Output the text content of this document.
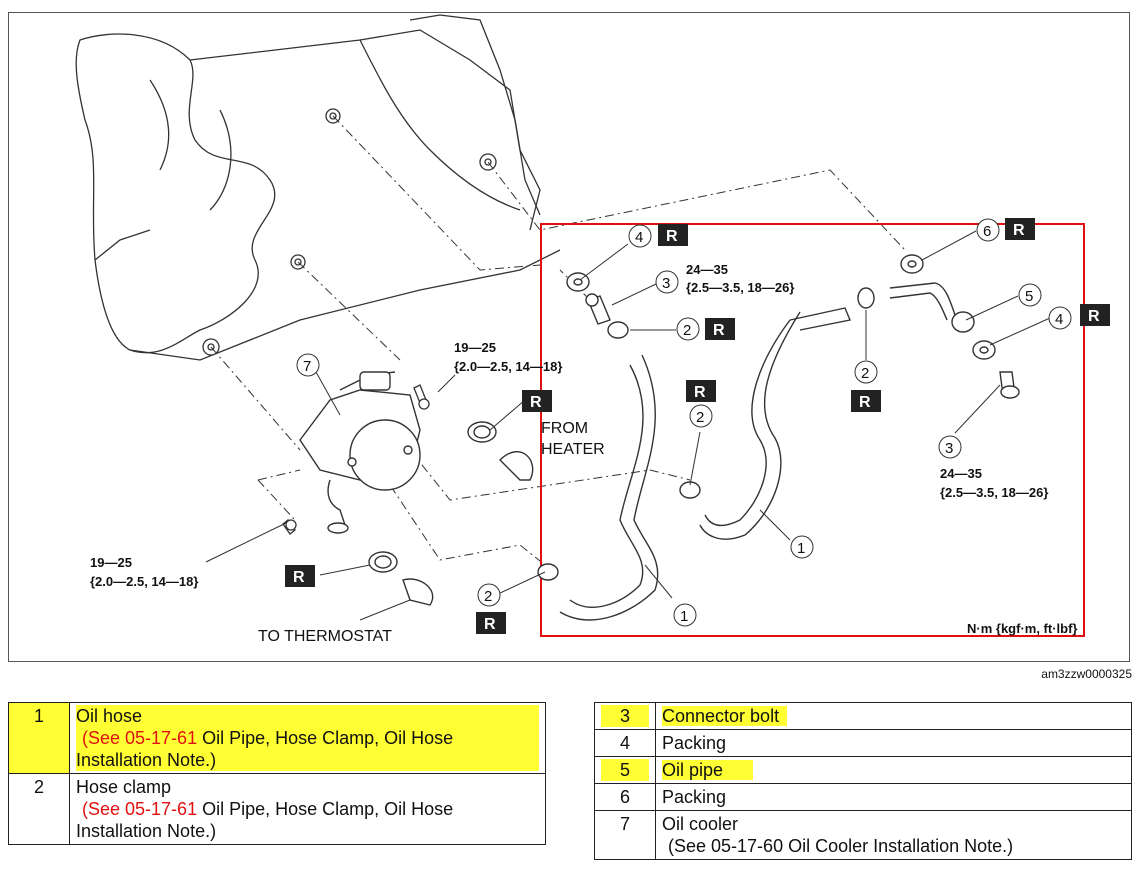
7
4
3
2
2
2
1
1
2
6
5
4
3
R
R
R
R
R
R
R
R
R
24—35
{2.5—3.5, 18—26}
19—25
{2.0—2.5, 14—18}
24—35
{2.5—3.5, 18—26}
19—25
{2.0—2.5, 14—18}
FROM
HEATER
TO THERMOSTAT	N·m {kgf·m, ft·lbf}
am3zzw0000325
1	Oil hose
(See 05-17-61 Oil Pipe, Hose Clamp, Oil Hose
Installation Note.)

2	Hose clamp
(See 05-17-61 Oil Pipe, Hose Clamp, Oil Hose
Installation Note.)
3	Connector bolt
4	Packing

5	Oil pipe
6	Packing
7	Oil cooler
(See 05-17-60 Oil Cooler Installation Note.)
